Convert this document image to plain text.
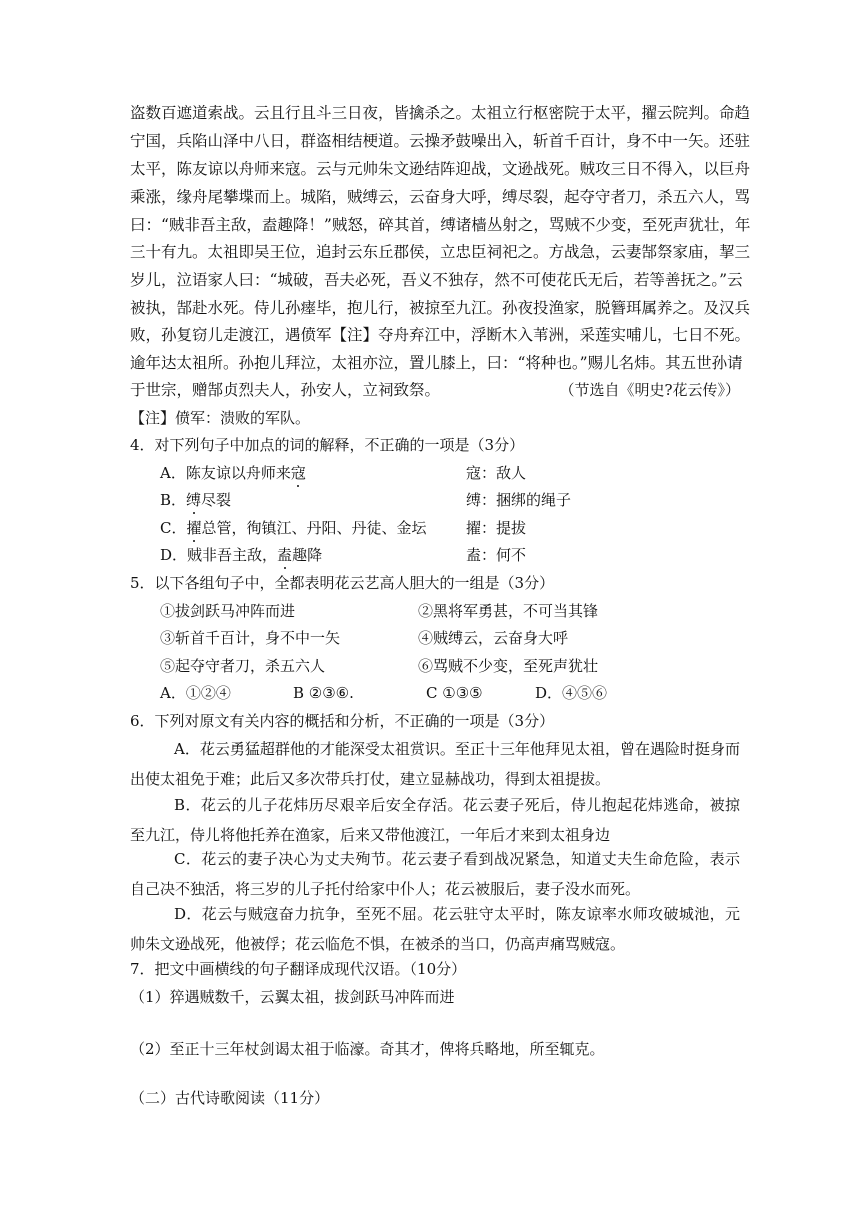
盗数百遮道索战。云且行且斗三日夜，皆擒杀之。太祖立行枢密院于太平，擢云院判。命趋
宁国，兵陷山泽中八日，群盗相结梗道。云操矛鼓噪出入，斩首千百计，身不中一矢。还驻
太平，陈友谅以舟师来寇。云与元帅朱文逊结阵迎战，文逊战死。贼攻三日不得入，以巨舟
乘涨，缘舟尾攀堞而上。城陷，贼缚云，云奋身大呼，缚尽裂，起夺守者刀，杀五六人，骂
曰：“贼非吾主敌，盍趣降！”贼怒，碎其首，缚诸樯丛射之，骂贼不少变，至死声犹壮，年
三十有九。太祖即吴王位，追封云东丘郡侯，立忠臣祠祀之。方战急，云妻郜祭家庙，挈三
岁儿，泣语家人曰：“城破，吾夫必死，吾义不独存，然不可使花氏无后，若等善抚之。”云
被执，郜赴水死。侍儿孙瘗毕，抱儿行，被掠至九江。孙夜投渔家，脱簪珥属养之。及汉兵
败，孙复窃儿走渡江，遇偾军【注】夺舟弃江中，浮断木入苇洲，采莲实哺儿，七日不死。
逾年达太祖所。孙抱儿拜泣，太祖亦泣，置儿膝上，曰：“将种也。”赐儿名炜。其五世孙请
于世宗，赠郜贞烈夫人，孙安人，立祠致祭。	（节选自《明史?花云传》）
【注】偾军：溃败的军队。
4．对下列句子中加点的词的解释，不正确的一项是（3分）
A．陈友谅以舟师来寇	寇：敌人
B．缚尽裂	缚：捆绑的绳子
C．擢总管，徇镇江、丹阳、丹徒、金坛	擢：提拔
D．贼非吾主敌，盍趣降	盍：何不
5．以下各组句子中，全都表明花云艺高人胆大的一组是（3分）
①拔剑跃马冲阵而进	②黑将军勇甚，不可当其锋
③斩首千百计，身不中一矢	④贼缚云，云奋身大呼
⑤起夺守者刀，杀五六人	⑥骂贼不少变，至死声犹壮
A．①②④	B ②③⑥.	C ①③⑤	D．④⑤⑥
6．下列对原文有关内容的概括和分析，不正确的一项是（3分）
A．花云勇猛超群他的才能深受太祖赏识。至正十三年他拜见太祖，曾在遇险时挺身而出使太祖免于难；此后又多次带兵打仗，建立显赫战功，得到太祖提拔。
B．花云的儿子花炜历尽艰辛后安全存活。花云妻子死后，侍儿抱起花炜逃命，被掠至九江，侍儿将他托养在渔家，后来又带他渡江，一年后才来到太祖身边
C．花云的妻子决心为丈夫殉节。花云妻子看到战况紧急，知道丈夫生命危险，表示自己决不独活，将三岁的儿子托付给家中仆人；花云被服后，妻子没水而死。
D．花云与贼寇奋力抗争，至死不屈。花云驻守太平时，陈友谅率水师攻破城池，元帅朱文逊战死，他被俘；花云临危不惧，在被杀的当口，仍高声痛骂贼寇。
7．把文中画横线的句子翻译成现代汉语。（10分）
（1）猝遇贼数千，云翼太祖，拔剑跃马冲阵而进
（2）至正十三年杖剑谒太祖于临濠。奇其才，俾将兵略地，所至辄克。
（二）古代诗歌阅读（11分）
